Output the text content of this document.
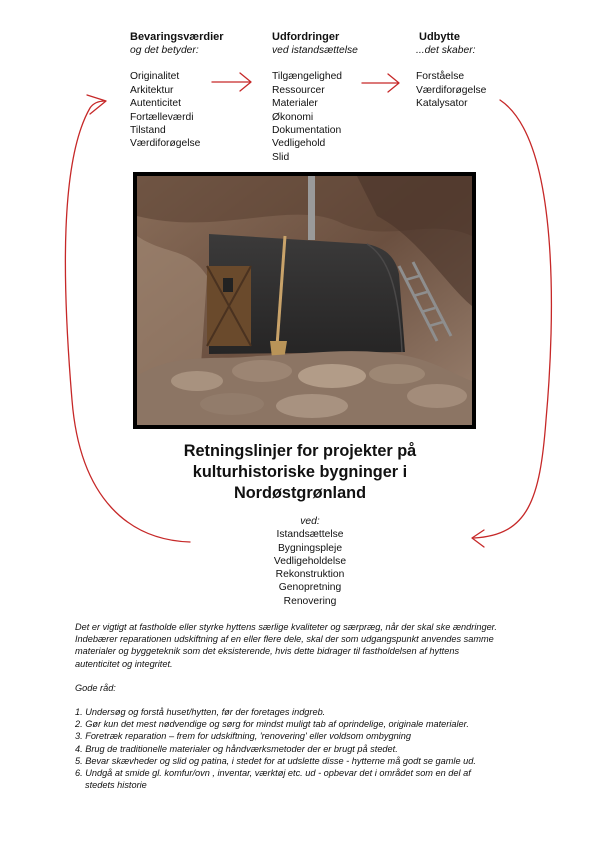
Bevaringsværdier
og det betyder:
Originalitet
Arkitektur
Autenticitet
Fortælleværdi
Tilstand
Værdiforøgelse
Udfordringer
ved istandsættelse
Tilgængelighed
Ressourcer
Materialer
Økonomi
Dokumentation
Vedligehold
Slid
Udbytte
...det skaber:
Forståelse
Værdiforøgelse
Katalysator
Retningslinjer for projekter på
kulturhistoriske bygninger i
Nordøstgrønland
ved:
Istandsættelse
Bygningspleje
Vedligeholdelse
Rekonstruktion
Genopretning
Renovering

Det er vigtigt at fastholde eller styrke hyttens særlige kvaliteter og særpræg, når der skal ske ændringer.

Indebærer reparationen udskiftning af en eller flere dele, skal der som udgangspunkt anvendes samme

materialer og byggeteknik som det eksisterende, hvis dette bidrager til fastholdelsen af hyttens

autenticitet og integritet.

Gode råd:

1. Undersøg og forstå huset/hytten, før der foretages indgreb.
2. Gør kun det mest nødvendige og sørg for mindst muligt tab af oprindelige, originale materialer.
3. Foretræk reparation – frem for udskiftning, 'renovering' eller voldsom ombygning
4. Brug de traditionelle materialer og håndværksmetoder der er brugt på stedet.
5. Bevar skævheder og slid og patina, i stedet for at udslette disse - hytterne må godt se gamle ud.
6. Undgå at smide gl. komfur/ovn , inventar, værktøj etc. ud - opbevar det i området som en del af
stedets historie
